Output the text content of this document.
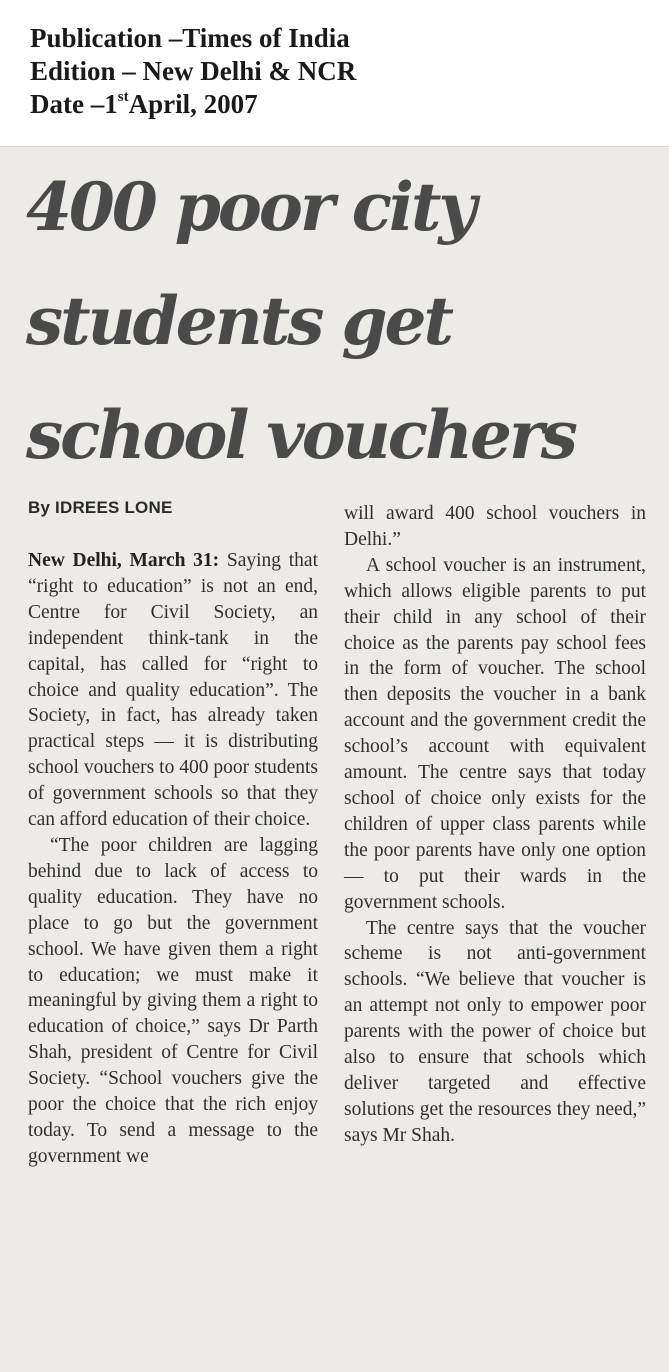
Publication –Times of India
Edition – New Delhi & NCR
Date –1stApril, 2007
400 poor city
students get
school vouchers
By IDREES LONE

New Delhi, March 31: Saying that “right to education” is not an end, Centre for Civil Society, an independent think-tank in the capital, has called for “right to choice and quality education”. The Society, in fact, has already taken practical steps — it is distributing school vouchers to 400 poor students of government schools so that they can afford education of their choice.

“The poor children are lagging behind due to lack of access to quality education. They have no place to go but the government school. We have given them a right to education; we must make it meaningful by giving them a right to education of choice,” says Dr Parth Shah, president of Centre for Civil Society. “School vouchers give the poor the choice that the rich enjoy today. To send a message to the government we

will award 400 school vouchers in Delhi.”

A school voucher is an instrument, which allows eligible parents to put their child in any school of their choice as the parents pay school fees in the form of voucher. The school then deposits the voucher in a bank account and the government credit the school’s account with equivalent amount. The centre says that today school of choice only exists for the children of upper class parents while the poor parents have only one option — to put their wards in the government schools.

The centre says that the voucher scheme is not anti-government schools. “We believe that voucher is an attempt not only to empower poor parents with the power of choice but also to ensure that schools which deliver targeted and effective solutions get the resources they need,” says Mr Shah.
